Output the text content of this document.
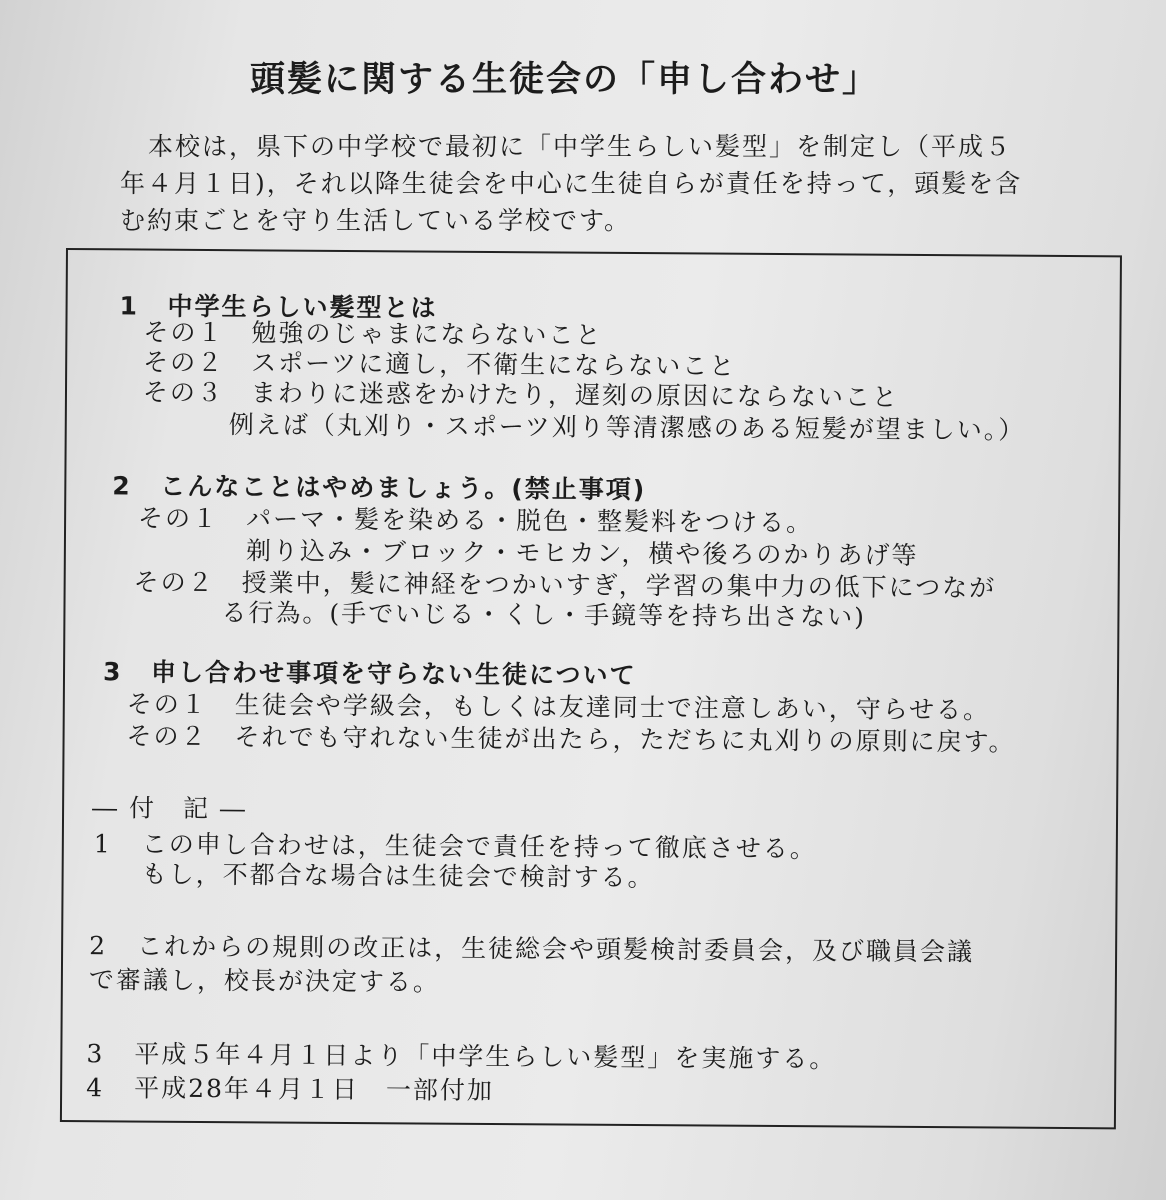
頭髪に関する生徒会の「申し合わせ」
本校は，県下の中学校で最初に「中学生らしい髪型」を制定し（平成５
年４月１日)，それ以降生徒会を中心に生徒自らが責任を持って，頭髪を含
む約束ごとを守り生活している学校です。
1 中学生らしい髪型とは
その１ 勉強のじゃまにならないこと
その２ スポーツに適し，不衛生にならないこと
その３ まわりに迷惑をかけたり，遅刻の原因にならないこと
例えば（丸刈り・スポーツ刈り等清潔感のある短髪が望ましい。）
2 こんなことはやめましょう。(禁止事項)
その１ パーマ・髪を染める・脱色・整髪料をつける。
剃り込み・ブロック・モヒカン，横や後ろのかりあげ等
その２ 授業中，髪に神経をつかいすぎ，学習の集中力の低下につなが
る行為。(手でいじる・くし・手鏡等を持ち出さない)
3 申し合わせ事項を守らない生徒について
その１ 生徒会や学級会，もしくは友達同士で注意しあい，守らせる。
その２ それでも守れない生徒が出たら，ただちに丸刈りの原則に戻す。
― 付　記 ―
1 この申し合わせは，生徒会で責任を持って徹底させる。
もし，不都合な場合は生徒会で検討する。
2 これからの規則の改正は，生徒総会や頭髪検討委員会，及び職員会議
で審議し，校長が決定する。
3 平成５年４月１日より「中学生らしい髪型」を実施する。
4 平成28年４月１日　一部付加
